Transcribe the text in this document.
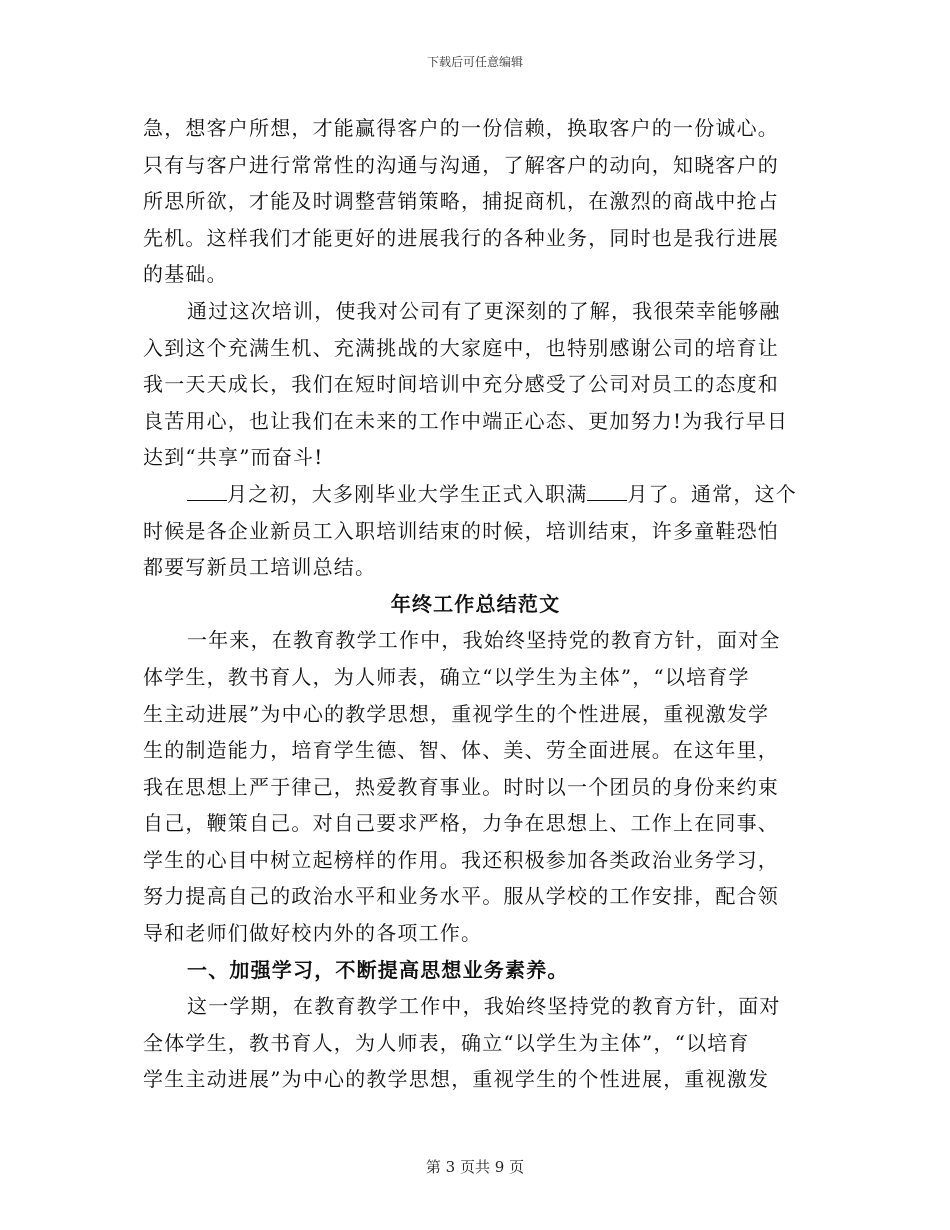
下载后可任意编辑
急，想客户所想，才能赢得客户的一份信赖，换取客户的一份诚心。
只有与客户进行常常性的沟通与沟通，了解客户的动向，知晓客户的
所思所欲，才能及时调整营销策略，捕捉商机，在激烈的商战中抢占
先机。这样我们才能更好的进展我行的各种业务，同时也是我行进展
的基础。
通过这次培训，使我对公司有了更深刻的了解，我很荣幸能够融
入到这个充满生机、充满挑战的大家庭中，也特别感谢公司的培育让
我一天天成长，我们在短时间培训中充分感受了公司对员工的态度和
良苦用心，也让我们在未来的工作中端正心态、更加努力!为我行早日
达到“共享”而奋斗!
月之初，大多刚毕业大学生正式入职满 月了。通常，这个
时候是各企业新员工入职培训结束的时候，培训结束，许多童鞋恐怕
都要写新员工培训总结。
年终工作总结范文
一年来，在教育教学工作中，我始终坚持党的教育方针，面对全
体学生，教书育人，为人师表，确立“以学生为主体”，“以培育学
生主动进展”为中心的教学思想，重视学生的个性进展，重视激发学
生的制造能力，培育学生德、智、体、美、劳全面进展。在这年里，
我在思想上严于律己，热爱教育事业。时时以一个团员的身份来约束
自己，鞭策自己。对自己要求严格，力争在思想上、工作上在同事、
学生的心目中树立起榜样的作用。我还积极参加各类政治业务学习，
努力提高自己的政治水平和业务水平。服从学校的工作安排，配合领
导和老师们做好校内外的各项工作。
一、加强学习，不断提高思想业务素养。
这一学期，在教育教学工作中，我始终坚持党的教育方针，面对
全体学生，教书育人，为人师表，确立“以学生为主体”，“以培育
学生主动进展”为中心的教学思想，重视学生的个性进展，重视激发
第 3 页共 9 页
